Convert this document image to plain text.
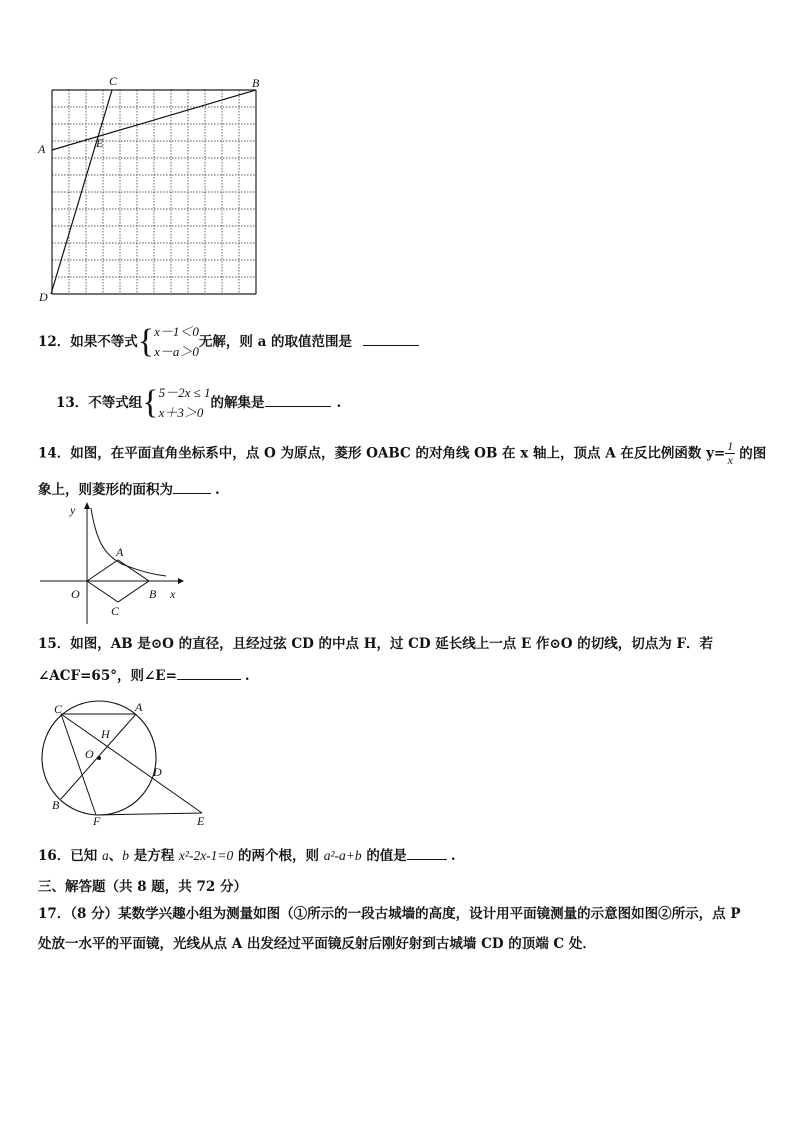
C	B
A	E
D
12．如果不等式{ x－1＜0
x－a＞0
无解，则 a 的取值范围是
13．不等式组{ 5－2x ≤ 1
x＋3＞0
的解集是	.
14．如图，在平面直角坐标系中，点 O 为原点，菱形 OABC 的对角线 OB 在 x 轴上，顶点 A 在反比例函数 $y= \frac{1}{x}$ 的图
象上，则菱形的面积为	.
y
x
O
A
B
C
15．如图，AB 是⊙O 的直径，且经过弦 CD 的中点 H，过 CD 延长线上一点 E 作⊙O 的切线，切点为 F．若
∠ACF=65°，则∠E=	.
C	A
H
O
D
B
F	E
16．已知 a、b 是方程 x²-2x-1=0 的两个根，则 a²-a+b 的值是	.
三、解答题（共 8 题，共 72 分）
17．（8 分）某数学兴趣小组为测量如图（①所示的一段古城墙的高度，设计用平面镜测量的示意图如图②所示，点 P
处放一水平的平面镜，光线从点 A 出发经过平面镜反射后刚好射到古城墙 CD 的顶端 C 处．
